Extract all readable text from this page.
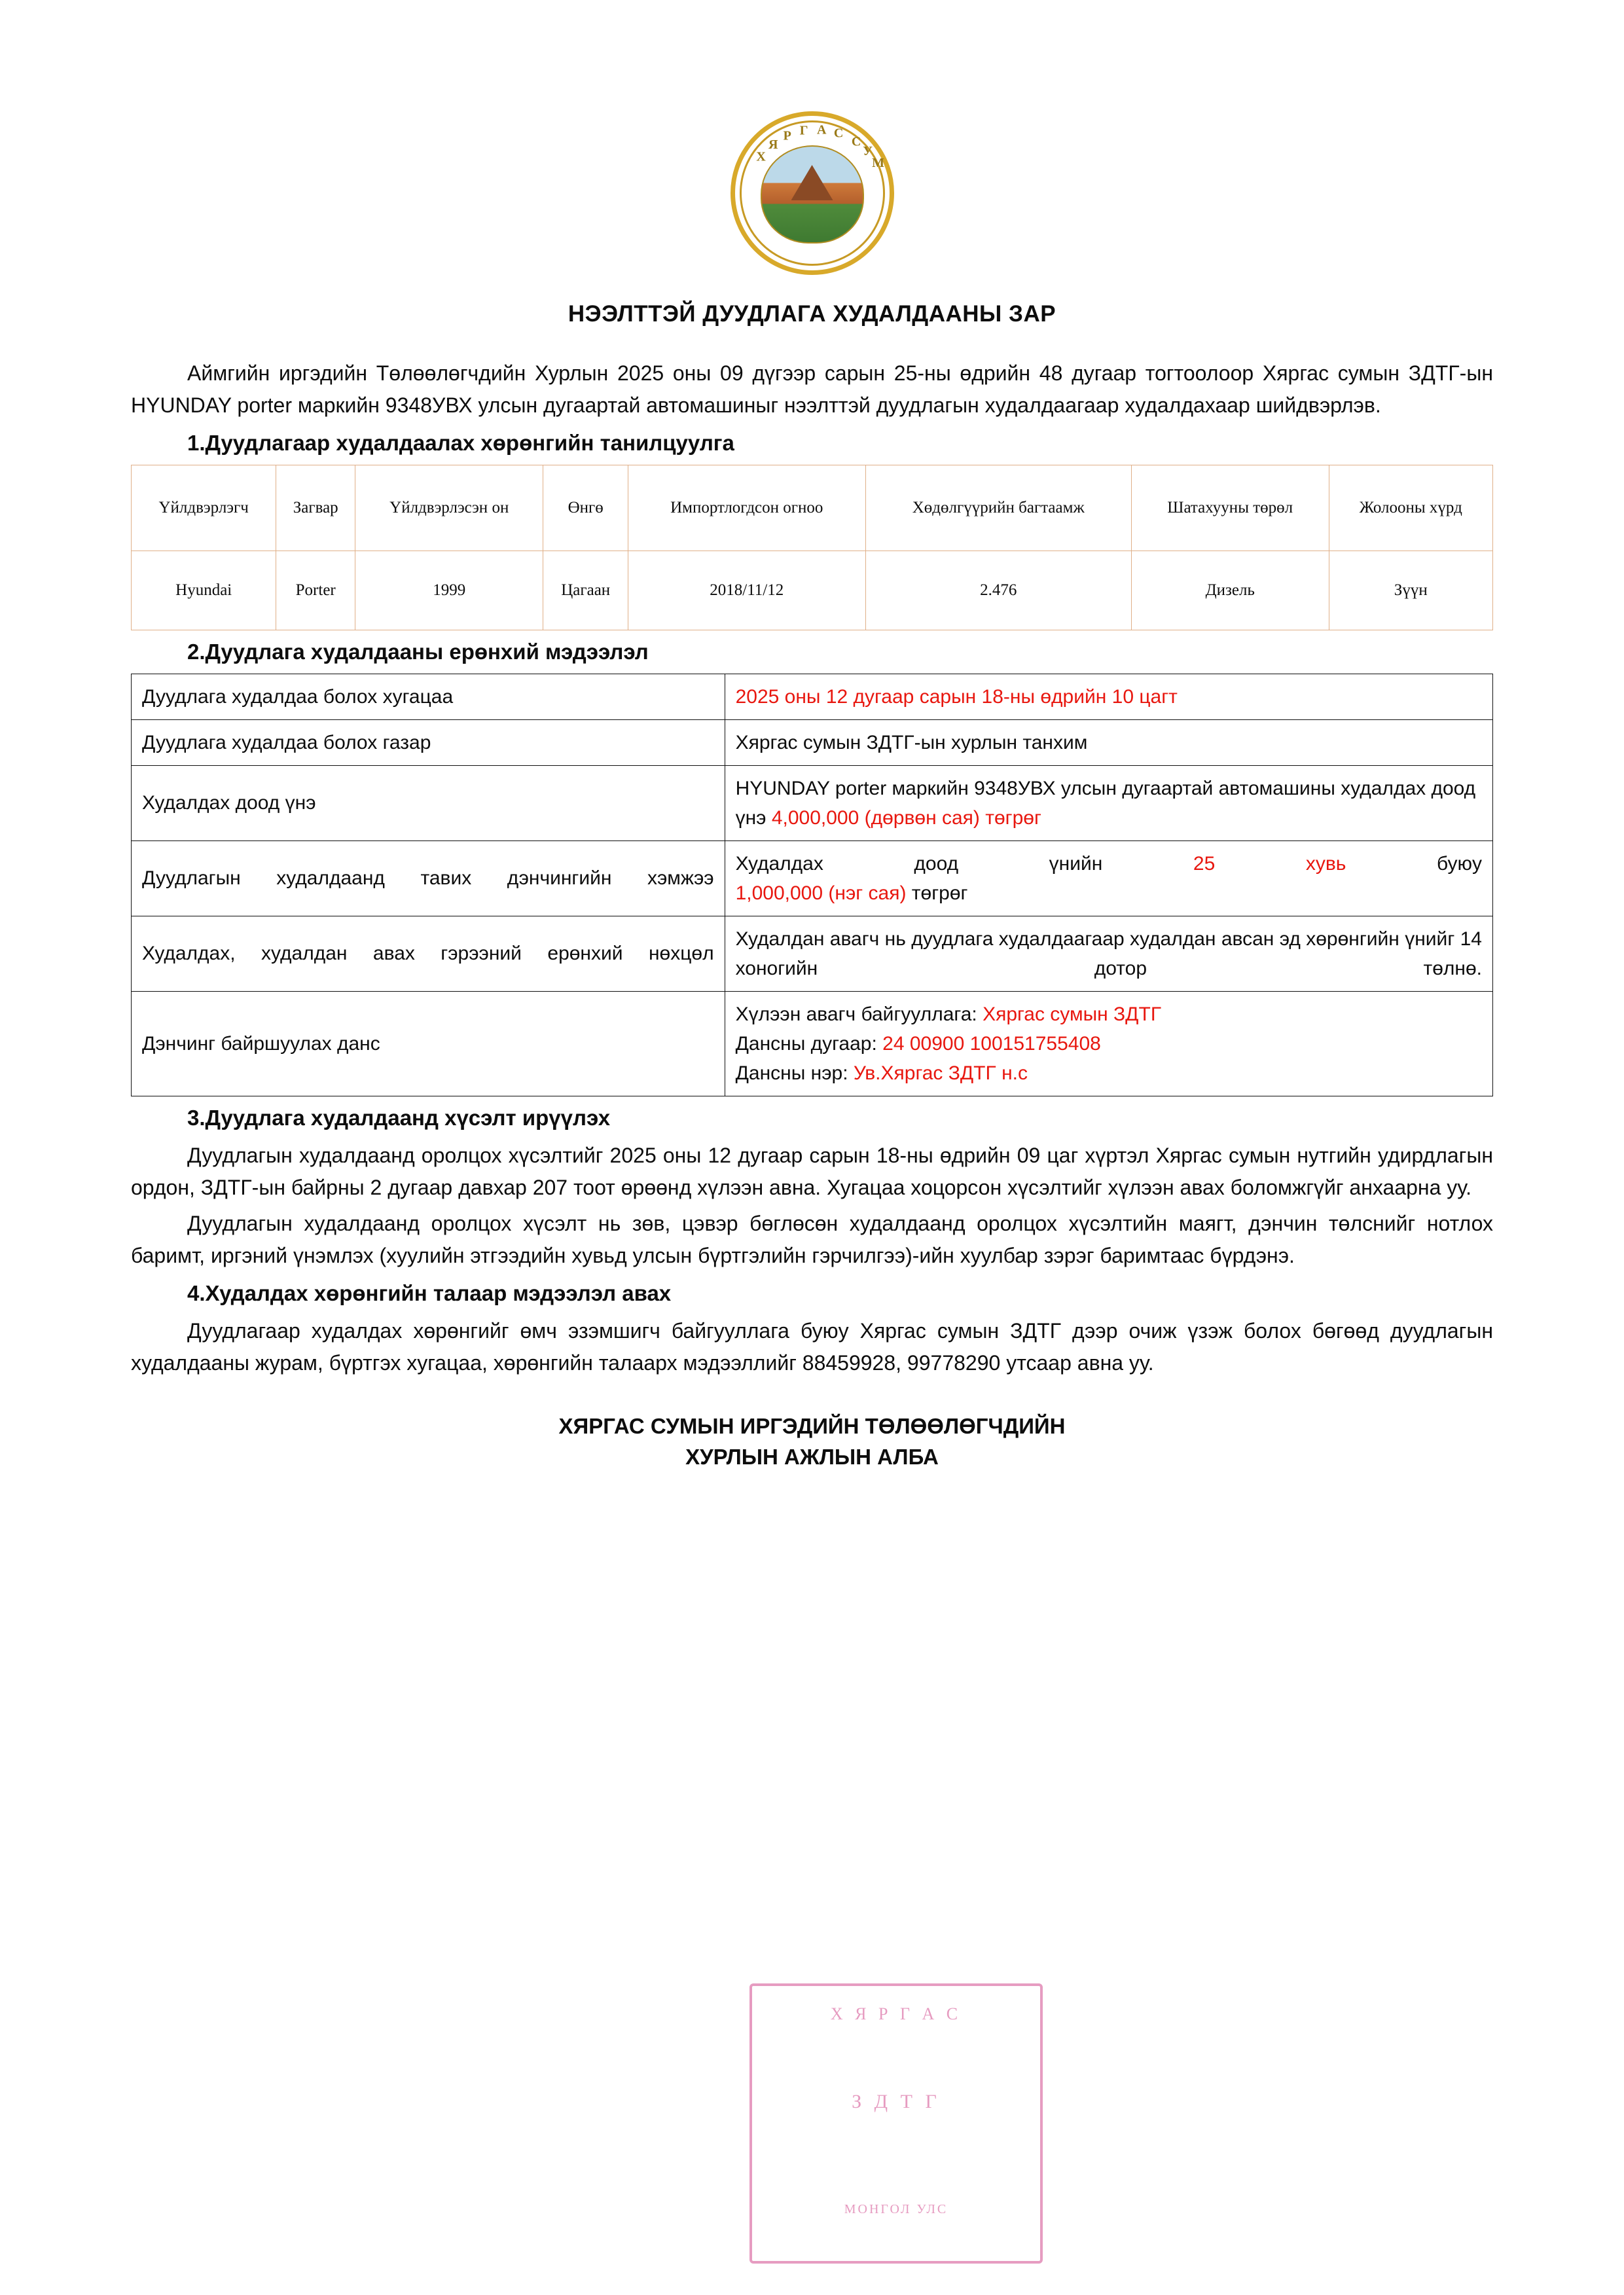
Х
Я
Р Г А С
С
У
М
НЭЭЛТТЭЙ ДУУДЛАГА ХУДАЛДААНЫ ЗАР

Аймгийн иргэдийн Төлөөлөгчдийн Хурлын 2025 оны 09 дүгээр сарын 25-ны өдрийн 48 дугаар тогтоолоор Хяргас сумын ЗДТГ-ын HYUNDAY porter маркийн 9348УВХ улсын дугаартай автомашиныг нээлттэй дуудлагын худалдаагаар худалдахаар шийдвэрлэв.

1.Дуудлагаар худалдаалах хөрөнгийн танилцуулга
Үйлдвэрлэгч	Загвар	Үйлдвэрлэсэн он	Өнгө	Импортлогдсон огноо	Хөдөлгүүрийн багтаамж	Шатахууны төрөл	Жолооны хүрд
Hyundai	Porter	1999	Цагаан	2018/11/12	2.476	Дизель	Зүүн
2.Дуудлага худалдааны ерөнхий мэдээлэл
Дуудлага худалдаа болох хугацаа	2025 оны 12 дугаар сарын 18-ны өдрийн 10 цагт
Дуудлага худалдаа болох газар	Хяргас сумын ЗДТГ-ын хурлын танхим
Худалдах доод үнэ	HYUNDAY porter маркийн 9348УВХ улсын дугаартай автомашины худалдах доод үнэ 4,000,000 (дөрвөн сая) төгрөг
Дуудлагын худалдаанд тавих дэнчингийн хэмжээ	Худалдах доод үнийн 25 хувь буюу
1,000,000 (нэг сая) төгрөг
Худалдах, худалдан авах гэрээний ерөнхий нөхцөл	Худалдан авагч нь дуудлага худалдаагаар худалдан авсан эд хөрөнгийн үнийг 14 хоногийн дотор төлнө.
Дэнчинг байршуулах данс	Хүлээн авагч байгууллага: Хяргас сумын ЗДТГ
Дансны дугаар: 24 00900 100151755408
Дансны нэр: Ув.Хяргас ЗДТГ н.с
3.Дуудлага худалдаанд хүсэлт ирүүлэх

Дуудлагын худалдаанд оролцох хүсэлтийг 2025 оны 12 дугаар сарын 18-ны өдрийн 09 цаг хүртэл Хяргас сумын нутгийн удирдлагын ордон, ЗДТГ-ын байрны 2 дугаар давхар 207 тоот өрөөнд хүлээн авна. Хугацаа хоцорсон хүсэлтийг хүлээн авах боломжгүйг анхаарна уу.

Дуудлагын худалдаанд оролцох хүсэлт нь зөв, цэвэр бөглөсөн худалдаанд оролцох хүсэлтийн маягт, дэнчин төлснийг нотлох баримт, иргэний үнэмлэх (хуулийн этгээдийн хувьд улсын бүртгэлийн гэрчилгээ)-ийн хуулбар зэрэг баримтаас бүрдэнэ.

4.Худалдах хөрөнгийн талаар мэдээлэл авах

Дуудлагаар худалдах хөрөнгийг өмч эзэмшигч байгууллага буюу Хяргас сумын ЗДТГ дээр очиж үзэж болох бөгөөд дуудлагын худалдааны журам, бүртгэх хугацаа, хөрөнгийн талаарх мэдээллийг 88459928, 99778290 утсаар авна уу.

ХЯРГАС СУМЫН ИРГЭДИЙН ТӨЛӨӨЛӨГЧДИЙН
ХУРЛЫН АЖЛЫН АЛБА
Х Я Р Г А С
З Д Т Г
МОНГОЛ УЛС
